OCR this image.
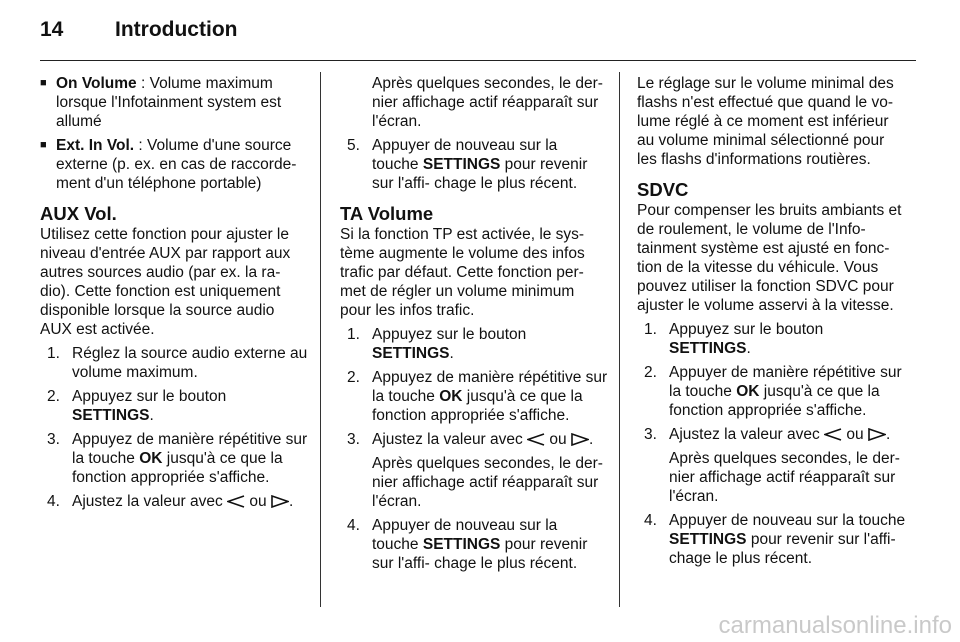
14 Introduction
■ On Volume : Volume maximum lorsque l'Infotainment system est allumé
■ Ext. In Vol. : Volume d'une source externe (p. ex. en cas de raccorde- ment d'un téléphone portable)
AUX Vol.

Utilisez cette fonction pour ajuster le niveau d'entrée AUX par rapport aux autres sources audio (par ex. la ra- dio). Cette fonction est uniquement disponible lorsque la source audio AUX est activée.

1. Réglez la source audio externe au volume maximum.
2. Appuyez sur le bouton SETTINGS.
3. Appuyez de manière répétitive sur la touche OK jusqu'à ce que la fonction appropriée s'affiche.
4. Ajustez la valeur avec  ou .

Après quelques secondes, le der- nier affichage actif réapparaît sur l'écran.

5. Appuyer de nouveau sur la touche SETTINGS pour revenir sur l'affi- chage le plus récent.
TA Volume

Si la fonction TP est activée, le sys- tème augmente le volume des infos trafic par défaut. Cette fonction per- met de régler un volume minimum pour les infos trafic.

1. Appuyez sur le bouton SETTINGS.
2. Appuyez de manière répétitive sur la touche OK jusqu'à ce que la fonction appropriée s'affiche.
3. Ajustez la valeur avec  ou .

Après quelques secondes, le der- nier affichage actif réapparaît sur l'écran.

4. Appuyer de nouveau sur la touche SETTINGS pour revenir sur l'affi- chage le plus récent.

Le réglage sur le volume minimal des flashs n'est effectué que quand le vo- lume réglé à ce moment est inférieur au volume minimal sélectionné pour les flashs d'informations routières.

SDVC

Pour compenser les bruits ambiants et de roulement, le volume de l'Info- tainment système est ajusté en fonc- tion de la vitesse du véhicule. Vous pouvez utiliser la fonction SDVC pour ajuster le volume asservi à la vitesse.

1. Appuyez sur le bouton SETTINGS.
2. Appuyer de manière répétitive sur la touche OK jusqu'à ce que la fonction appropriée s'affiche.
3. Ajustez la valeur avec  ou .

Après quelques secondes, le der- nier affichage actif réapparaît sur l'écran.

4. Appuyer de nouveau sur la touche SETTINGS pour revenir sur l'affi- chage le plus récent.
carmanualsonline.info
